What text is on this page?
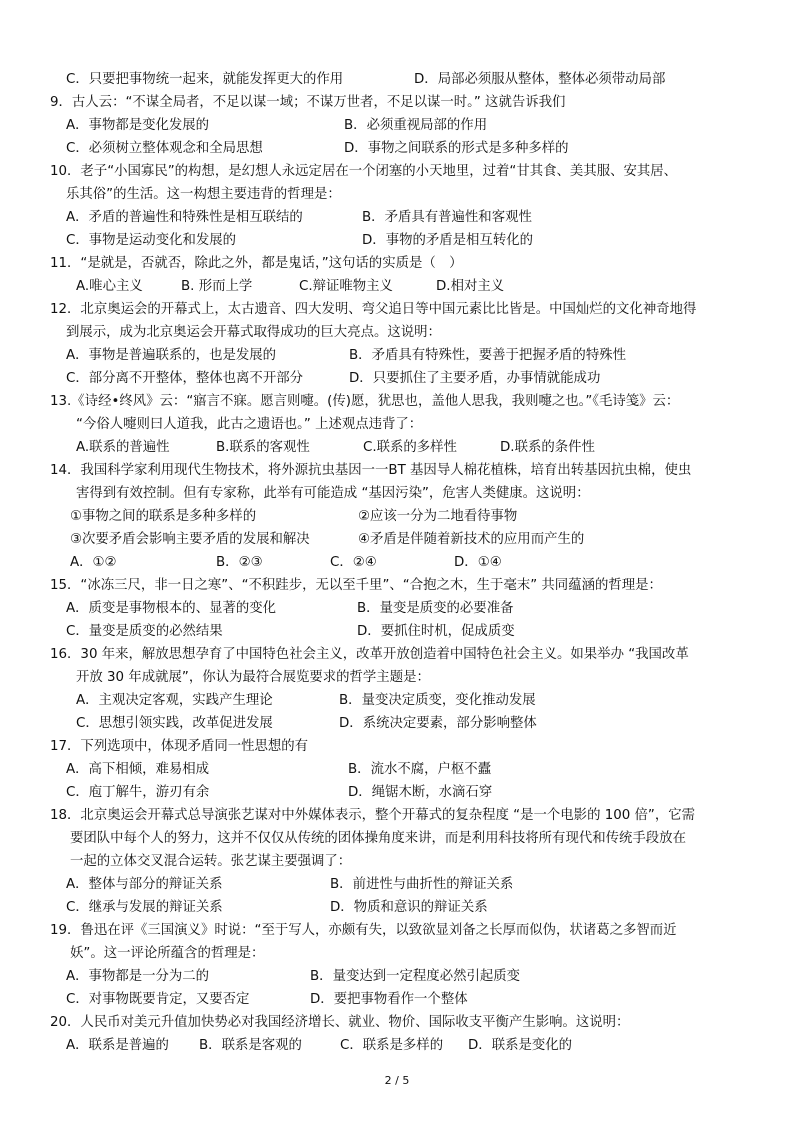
C．只要把事物统一起来，就能发挥更大的作用	D．局部必须服从整体，整体必须带动局部
9．古人云：“不谋全局者，不足以谋一域；不谋万世者，不足以谋一时。” 这就告诉我们
A．事物都是变化发展的	B．必须重视局部的作用
C．必须树立整体观念和全局思想	D．事物之间联系的形式是多种多样的
10．老子“小国寡民”的构想，是幻想人永远定居在一个闭塞的小天地里，过着“甘其食、美其服、安其居、
乐其俗”的生活。这一构想主要违背的哲理是：
A．矛盾的普遍性和特殊性是相互联结的	B．矛盾具有普遍性和客观性
C．事物是运动变化和发展的	D．事物的矛盾是相互转化的
11．“是就是，否就否，除此之外，都是鬼话，”这句话的实质是（　）
A.唯心主义	B. 形而上学	C.辩证唯物主义	D.相对主义
12．北京奥运会的开幕式上，太古遗音、四大发明、弯父追日等中国元素比比皆是。中国灿烂的文化神奇地得
到展示，成为北京奥运会开幕式取得成功的巨大亮点。这说明：
A．事物是普遍联系的，也是发展的	B．矛盾具有特殊性，要善于把握矛盾的特殊性
C．部分离不开整体，整体也离不开部分	D．只要抓住了主要矛盾，办事情就能成功
13.《诗经•终风》云：“寤言不寐。愿言则嚏。(传)愿，犹思也，盖他人思我，我则嚏之也。”《毛诗笺》云：
“今俗人嚏则曰人道我，此古之遗语也。” 上述观点违背了：
A.联系的普遍性	B.联系的客观性	C.联系的多样性	D.联系的条件性
14．我国科学家利用现代生物技术，将外源抗虫基因一一BT 基因导人棉花植株，培育出转基因抗虫棉，使虫
害得到有效控制。但有专家称，此举有可能造成 “基因污染”，危害人类健康。这说明：
①事物之间的联系是多种多样的	②应该一分为二地看待事物
③次要矛盾会影响主要矛盾的发展和解决	④矛盾是伴随着新技术的应用而产生的
A．①②	B．②③	C．②④	D．①④
15．“冰冻三尺，非一日之寒”、“不积跬步，无以至千里”、“合抱之木，生于毫末” 共同蕴涵的哲理是：
A．质变是事物根本的、显著的变化	B．量变是质变的必要准备
C．量变是质变的必然结果	D．要抓住时机，促成质变
16．30 年来，解放思想孕育了中国特色社会主义，改革开放创造着中国特色社会主义。如果举办 “我国改革
开放 30 年成就展”，你认为最符合展览要求的哲学主题是：
A．主观决定客观，实践产生理论	B．量变决定质变，变化推动发展
C．思想引领实践，改革促进发展	D．系统决定要素，部分影响整体
17．下列选项中，体现矛盾同一性思想的有
A．高下相倾，难易相成	B．流水不腐，户枢不蠹
C．庖丁解牛，游刃有余	D．绳锯木断，水滴石穿
18．北京奥运会开幕式总导演张艺谋对中外媒体表示，整个开幕式的复杂程度 “是一个电影的 100 倍”，它需
要团队中每个人的努力，这并不仅仅从传统的团体操角度来讲，而是利用科技将所有现代和传统手段放在
一起的立体交叉混合运转。张艺谋主要强调了：
A．整体与部分的辩证关系	B．前进性与曲折性的辩证关系
C．继承与发展的辩证关系	D．物质和意识的辩证关系
19．鲁迅在评《三国演义》时说：“至于写人，亦颇有失，以致欲显刘备之长厚而似伪，状诸葛之多智而近
妖”。这一评论所蕴含的哲理是：
A．事物都是一分为二的	B．量变达到一定程度必然引起质变
C．对事物既要肯定，又要否定	D．要把事物看作一个整体
20．人民币对美元升值加快势必对我国经济增长、就业、物价、国际收支平衡产生影响。这说明：
A．联系是普遍的 B．联系是客观的	C．联系是多样的 D．联系是变化的
2 / 5
